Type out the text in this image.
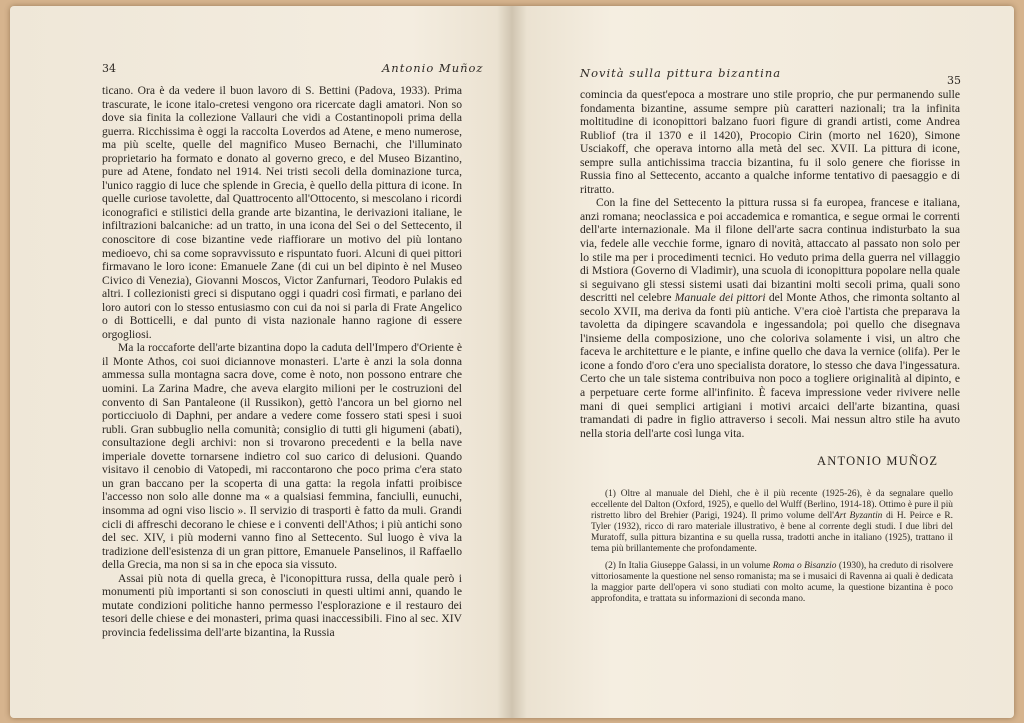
34	Antonio Muñoz

ticano. Ora è da vedere il buon lavoro di S. Bettini (Padova, 1933). Prima trascurate, le icone italo-cretesi vengono ora ricercate dagli amatori. Non so dove sia finita la collezione Vallauri che vidi a Costantinopoli prima della guerra. Ricchissima è oggi la raccolta Loverdos ad Atene, e meno numerose, ma più scelte, quelle del magnifico Museo Bernachi, che l'illuminato proprietario ha formato e donato al governo greco, e del Museo Bizantino, pure ad Atene, fondato nel 1914. Nei tristi secoli della dominazione turca, l'unico raggio di luce che splende in Grecia, è quello della pittura di icone. In quelle curiose tavolette, dal Quattrocento all'Ottocento, si mescolano i ricordi iconografici e stilistici della grande arte bizantina, le derivazioni italiane, le infiltrazioni balcaniche: ad un tratto, in una icona del Sei o del Settecento, il conoscitore di cose bizantine vede riaffiorare un motivo del più lontano medioevo, chi sa come sopravvissuto e rispuntato fuori. Alcuni di quei pittori firmavano le loro icone: Emanuele Zane (di cui un bel dipinto è nel Museo Civico di Venezia), Giovanni Moscos, Victor Zanfurnari, Teodoro Pulakis ed altri. I collezionisti greci si disputano oggi i quadri così firmati, e parlano dei loro autori con lo stesso entusiasmo con cui da noi si parla di Frate Angelico o di Botticelli, e dal punto di vista nazionale hanno ragione di essere orgogliosi.

Ma la roccaforte dell'arte bizantina dopo la caduta dell'Impero d'Oriente è il Monte Athos, coi suoi diciannove monasteri. L'arte è anzi la sola donna ammessa sulla montagna sacra dove, come è noto, non possono entrare che uomini. La Zarina Madre, che aveva elargito milioni per le costruzioni del convento di San Pantaleone (il Russikon), gettò l'ancora un bel giorno nel porticciuolo di Daphni, per andare a vedere come fossero stati spesi i suoi rubli. Gran subbuglio nella comunità; consiglio di tutti gli higumeni (abati), consultazione degli archivi: non si trovarono precedenti e la bella nave imperiale dovette tornarsene indietro col suo carico di delusioni. Quando visitavo il cenobio di Vatopedi, mi raccontarono che poco prima c'era stato un gran baccano per la scoperta di una gatta: la regola infatti proibisce l'accesso non solo alle donne ma « a qualsiasi femmina, fanciulli, eunuchi, insomma ad ogni viso liscio ». Il servizio di trasporti è fatto da muli. Grandi cicli di affreschi decorano le chiese e i conventi dell'Athos; i più antichi sono del sec. XIV, i più moderni vanno fino al Settecento. Sul luogo è viva la tradizione dell'esistenza di un gran pittore, Emanuele Panselinos, il Raffaello della Grecia, ma non si sa in che epoca sia vissuto.

Assai più nota di quella greca, è l'iconopittura russa, della quale però i monumenti più importanti si son conosciuti in questi ultimi anni, quando le mutate condizioni politiche hanno permesso l'esplorazione e il restauro dei tesori delle chiese e dei monasteri, prima quasi inaccessibili. Fino al sec. XIV provincia fedelissima dell'arte bizantina, la Russia

Novità sulla pittura bizantina
35

comincia da quest'epoca a mostrare uno stile proprio, che pur permanendo sulle fondamenta bizantine, assume sempre più caratteri nazionali; tra la infinita moltitudine di iconopittori balzano fuori figure di grandi artisti, come Andrea Rubliof (tra il 1370 e il 1420), Procopio Cirin (morto nel 1620), Simone Usciakoff, che operava intorno alla metà del sec. XVII. La pittura di icone, sempre sulla antichissima traccia bizantina, fu il solo genere che fiorisse in Russia fino al Settecento, accanto a qualche informe tentativo di paesaggio e di ritratto.

Con la fine del Settecento la pittura russa si fa europea, francese e italiana, anzi romana; neoclassica e poi accademica e romantica, e segue ormai le correnti dell'arte internazionale. Ma il filone dell'arte sacra continua indisturbato la sua via, fedele alle vecchie forme, ignaro di novità, attaccato al passato non solo per lo stile ma per i procedimenti tecnici. Ho veduto prima della guerra nel villaggio di Mstiora (Governo di Vladimir), una scuola di iconopittura popolare nella quale si seguivano gli stessi sistemi usati dai bizantini molti secoli prima, quali sono descritti nel celebre Manuale dei pittori del Monte Athos, che rimonta soltanto al secolo XVII, ma deriva da fonti più antiche. V'era cioè l'artista che preparava la tavoletta da dipingere scavandola e ingessandola; poi quello che disegnava l'insieme della composizione, uno che coloriva solamente i visi, un altro che faceva le architetture e le piante, e infine quello che dava la vernice (olifa). Per le icone a fondo d'oro c'era uno specialista doratore, lo stesso che dava l'ingessatura. Certo che un tale sistema contribuiva non poco a togliere originalità al dipinto, e a perpetuare certe forme all'infinito. È faceva impressione veder rivivere nelle mani di quei semplici artigiani i motivi arcaici dell'arte bizantina, quasi tramandati di padre in figlio attraverso i secoli. Mai nessun altro stile ha avuto nella storia dell'arte così lunga vita.

ANTONIO MUÑOZ

(1) Oltre al manuale del Diehl, che è il più recente (1925-26), è da segnalare quello eccellente del Dalton (Oxford, 1925), e quello del Wulff (Berlino, 1914-18). Ottimo è pure il più ristretto libro del Brehier (Parigi, 1924). Il primo volume dell'Art Byzantin di H. Peirce e R. Tyler (1932), ricco di raro materiale illustrativo, è bene al corrente degli studi. I due libri del Muratoff, sulla pittura bizantina e su quella russa, tradotti anche in italiano (1925), trattano il tema più brillantemente che profondamente.

(2) In Italia Giuseppe Galassi, in un volume Roma o Bisanzio (1930), ha creduto di risolvere vittoriosamente la questione nel senso romanista; ma se i musaici di Ravenna ai quali è dedicata la maggior parte dell'opera vi sono studiati con molto acume, la questione bizantina è poco approfondita, e trattata su informazioni di seconda mano.
